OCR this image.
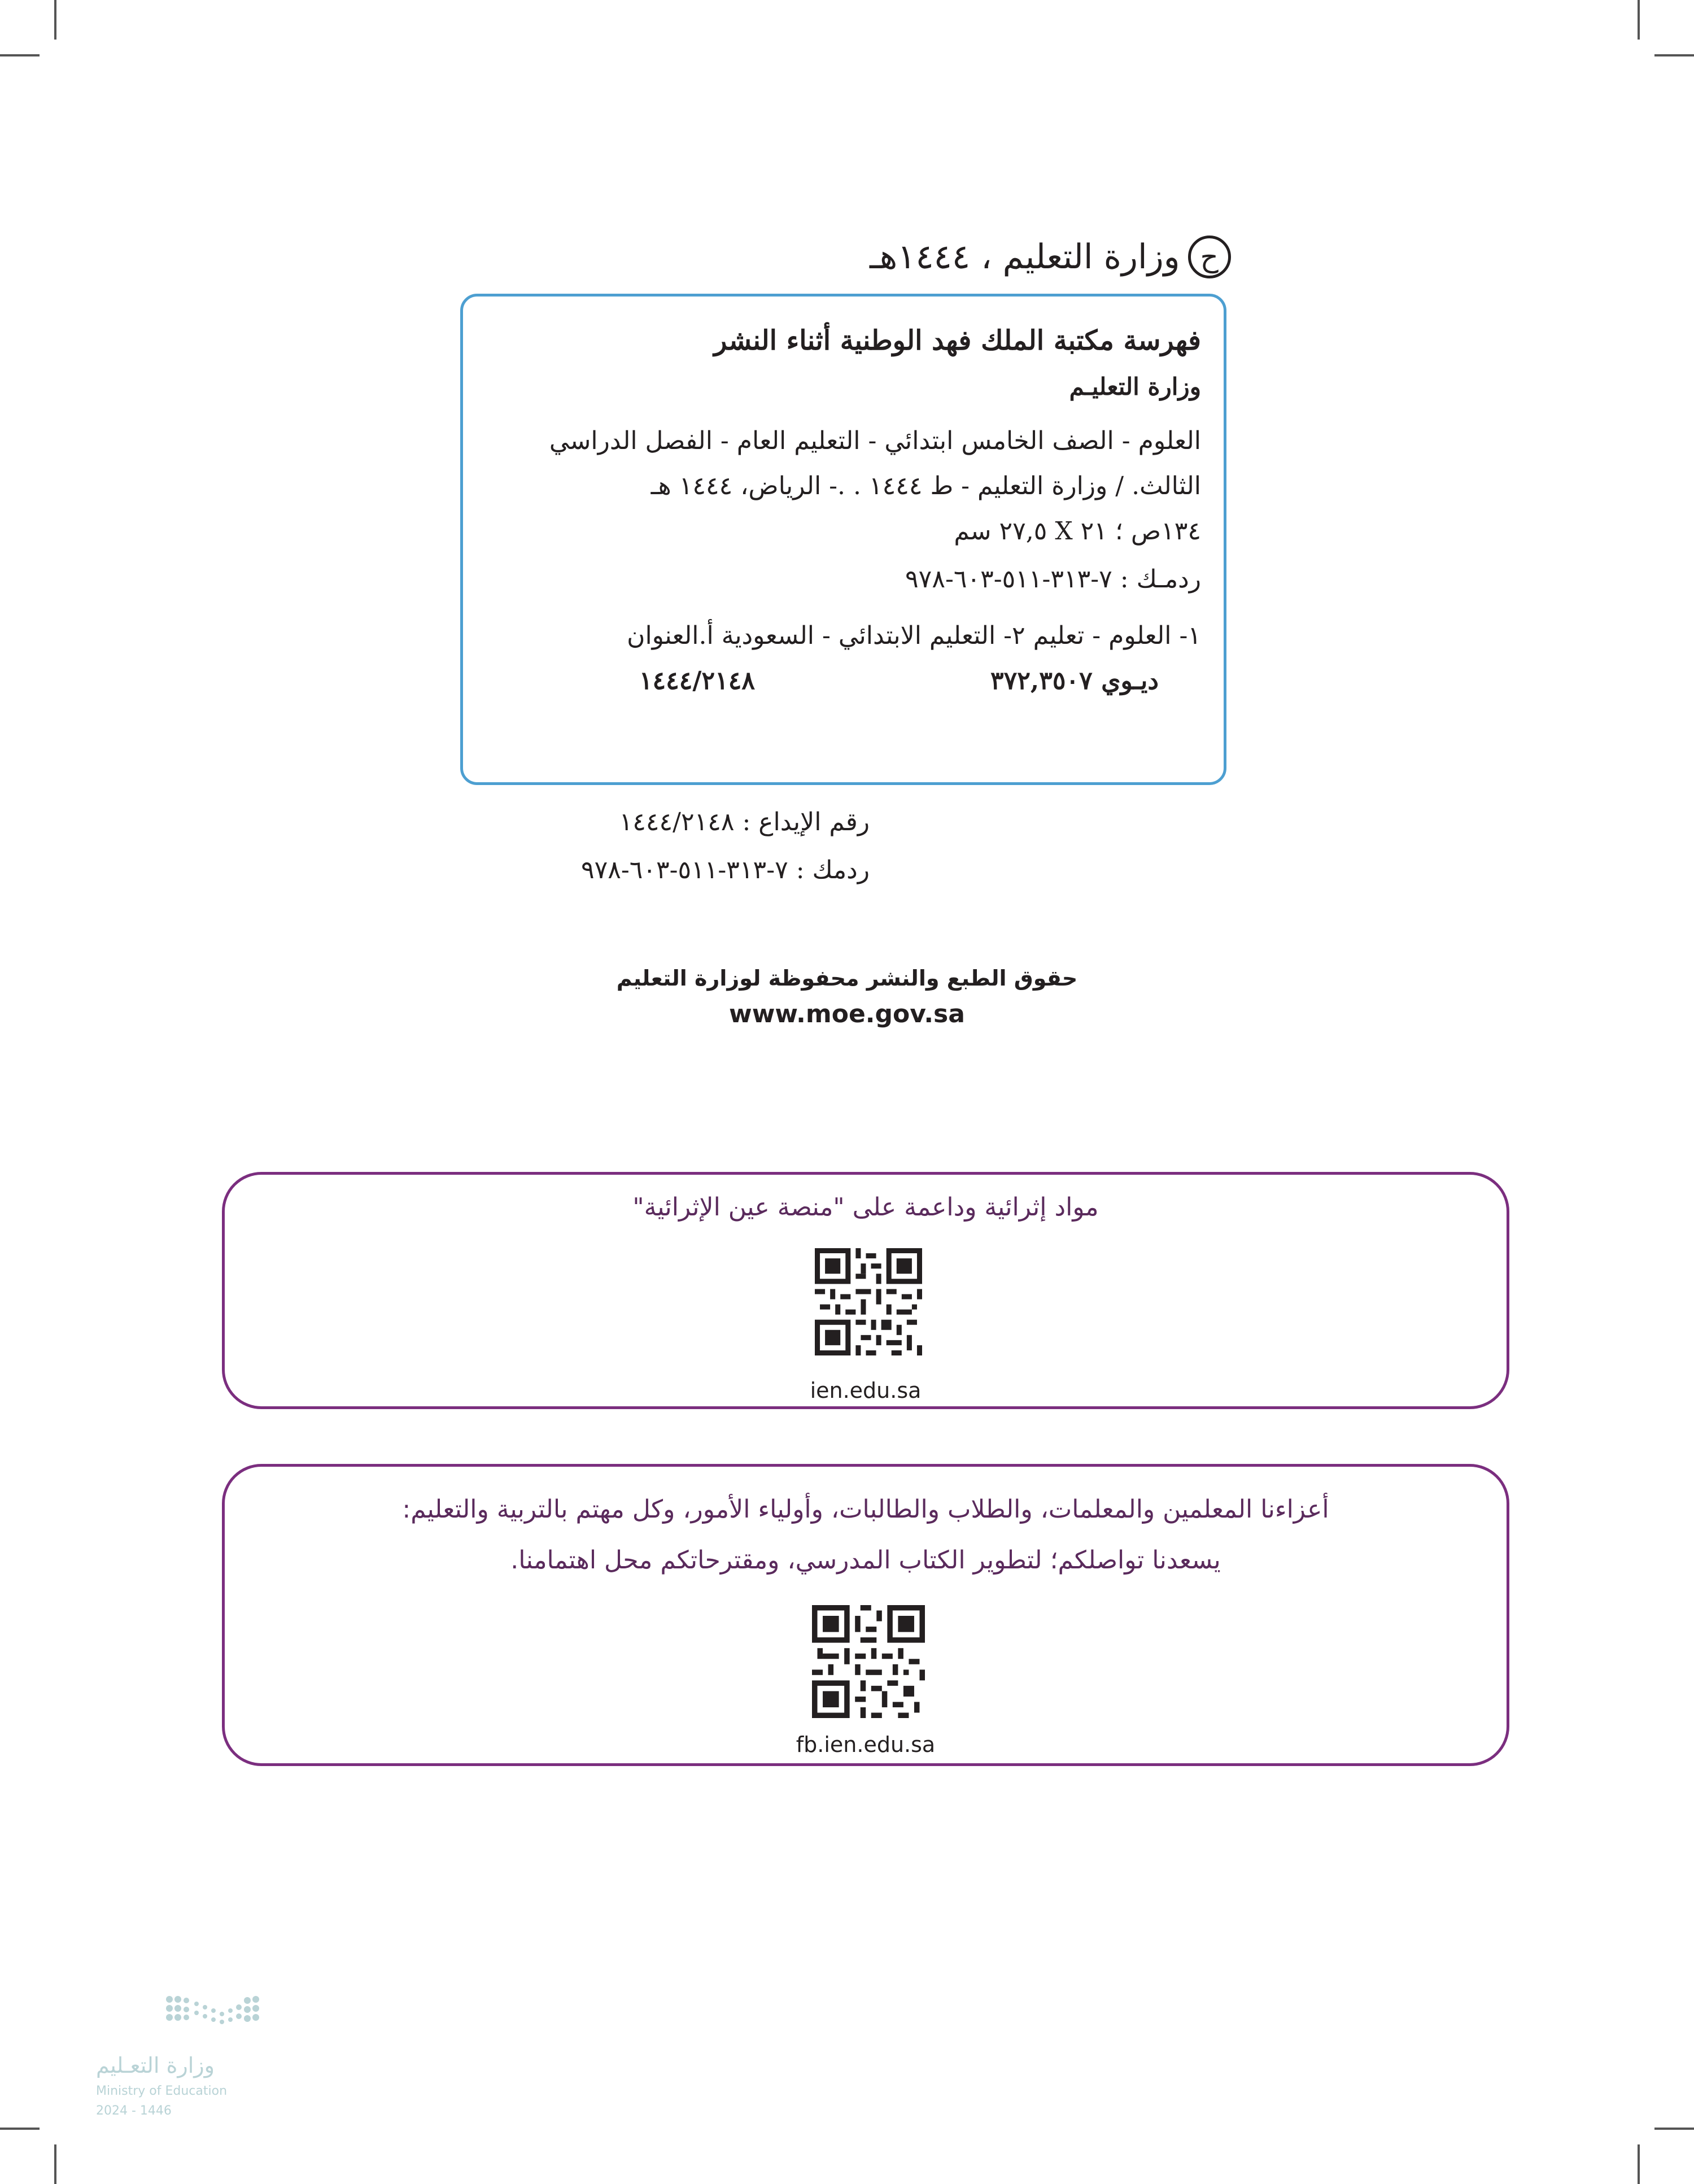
ح
وزارة التعليم ، ١٤٤٤هـ
فهرسة مكتبة الملك فهد الوطنية أثناء النشر
وزارة التعليـم
العلوم - الصف الخامس ابتدائي - التعليم العام - الفصل الدراسي
الثالث. / وزارة التعليم - ط ١٤٤٤ . .- الرياض، ١٤٤٤ هـ
١٣٤ص ؛ ٢١ X ٢٧,٥ سم
ردمـك : ٧-٣١٣-٥١١-٦٠٣-٩٧٨
١- العلوم - تعليم ٢- التعليم الابتدائي - السعودية أ.العنوان
ديـوي ٣٧٢,٣٥٠٧
١٤٤٤/٢١٤٨
رقم الإيداع : ١٤٤٤/٢١٤٨
ردمك : ٧-٣١٣-٥١١-٦٠٣-٩٧٨
حقوق الطبع والنشر محفوظة لوزارة التعليم
www.moe.gov.sa
مواد إثرائية وداعمة على "منصة عين الإثرائية"
ien.edu.sa
أعزاءنا المعلمين والمعلمات، والطلاب والطالبات، وأولياء الأمور، وكل مهتم بالتربية والتعليم:
يسعدنا تواصلكم؛ لتطوير الكتاب المدرسي، ومقترحاتكم محل اهتمامنا.
fb.ien.edu.sa
وزارة التعـليم
Ministry of Education
2024 - 1446
